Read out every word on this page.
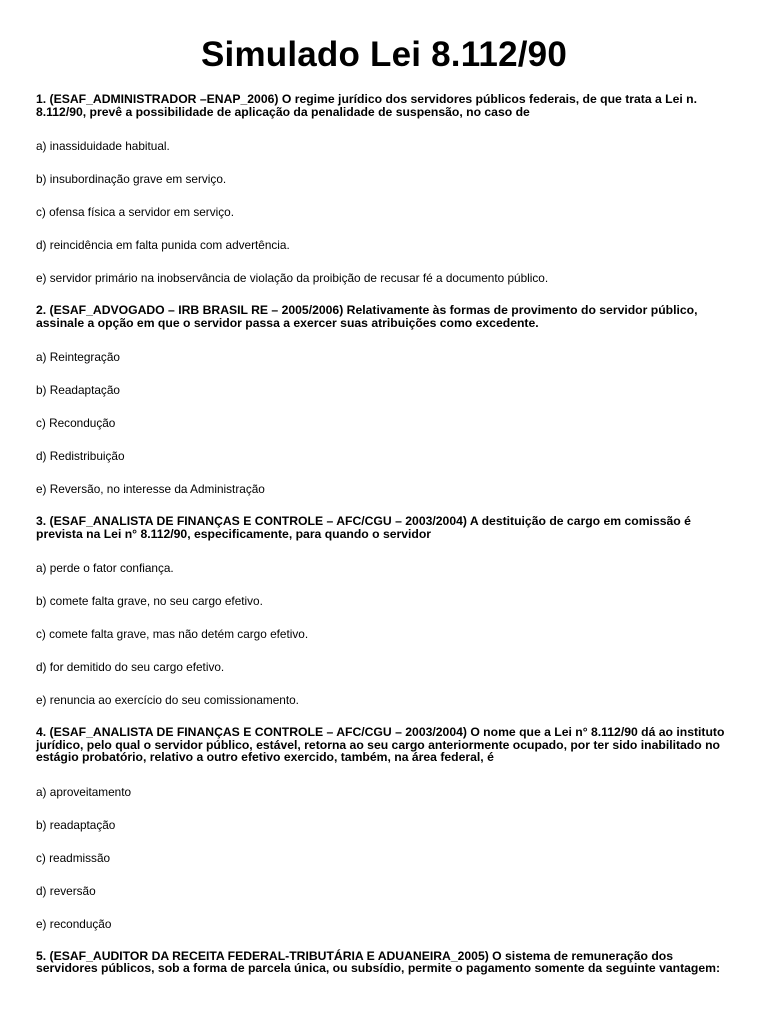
Simulado Lei 8.112/90

1. (ESAF_ADMINISTRADOR –ENAP_2006) O regime jurídico dos servidores públicos federais, de que trata a Lei n. 8.112/90, prevê a possibilidade de aplicação da penalidade de suspensão, no caso de

a) inassiduidade habitual.

b) insubordinação grave em serviço.

c) ofensa física a servidor em serviço.

d) reincidência em falta punida com advertência.

e) servidor primário na inobservância de violação da proibição de recusar fé a documento público.

2. (ESAF_ADVOGADO – IRB BRASIL RE – 2005/2006) Relativamente às formas de provimento do servidor público, assinale a opção em que o servidor passa a exercer suas atribuições como excedente.

a) Reintegração

b) Readaptação

c) Recondução

d) Redistribuição

e) Reversão, no interesse da Administração

3. (ESAF_ANALISTA DE FINANÇAS E CONTROLE – AFC/CGU – 2003/2004) A destituição de cargo em comissão é prevista na Lei n° 8.112/90, especificamente, para quando o servidor

a) perde o fator confiança.

b) comete falta grave, no seu cargo efetivo.

c) comete falta grave, mas não detém cargo efetivo.

d) for demitido do seu cargo efetivo.

e) renuncia ao exercício do seu comissionamento.

4. (ESAF_ANALISTA DE FINANÇAS E CONTROLE – AFC/CGU – 2003/2004) O nome que a Lei n° 8.112/90 dá ao instituto jurídico, pelo qual o servidor público, estável, retorna ao seu cargo anteriormente ocupado, por ter sido inabilitado no estágio probatório, relativo a outro efetivo exercido, também, na área federal, é

a) aproveitamento

b) readaptação

c) readmissão

d) reversão

e) recondução

5. (ESAF_AUDITOR DA RECEITA FEDERAL-TRIBUTÁRIA E ADUANEIRA_2005) O sistema de remuneração dos servidores públicos, sob a forma de parcela única, ou subsídio, permite o pagamento somente da seguinte vantagem:
